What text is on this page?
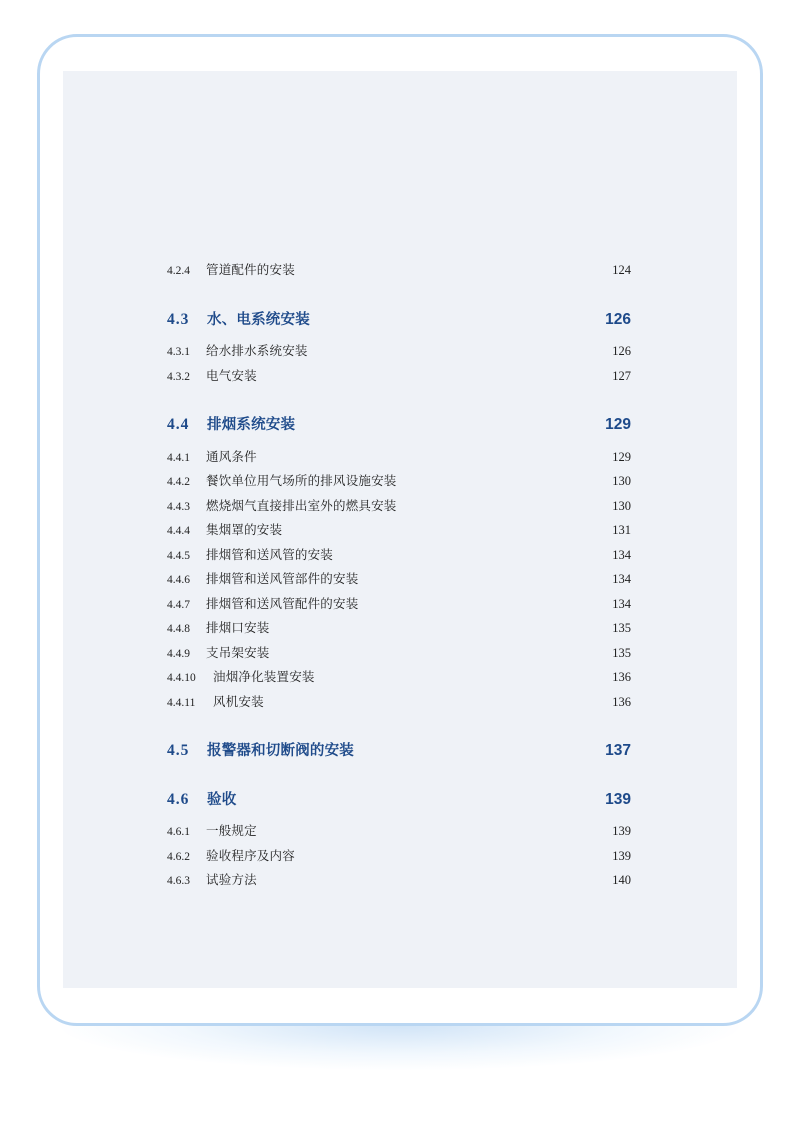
4.2.4	管道配件的安装	124
4.3	水、电系统安装	126
4.3.1	给水排水系统安装	126
4.3.2	电气安装	127
4.4	排烟系统安装	129
4.4.1	通风条件	129
4.4.2	餐饮单位用气场所的排风设施安装	130
4.4.3	燃烧烟气直接排出室外的燃具安装	130
4.4.4	集烟罩的安装	131
4.4.5	排烟管和送风管的安装	134
4.4.6	排烟管和送风管部件的安装	134
4.4.7	排烟管和送风管配件的安装	134
4.4.8	排烟口安装	135
4.4.9	支吊架安装	135
4.4.10	油烟净化装置安装	136
4.4.11	风机安装	136
4.5	报警器和切断阀的安装	137
4.6	验收	139
4.6.1	一般规定	139
4.6.2	验收程序及内容	139
4.6.3	试验方法	140
